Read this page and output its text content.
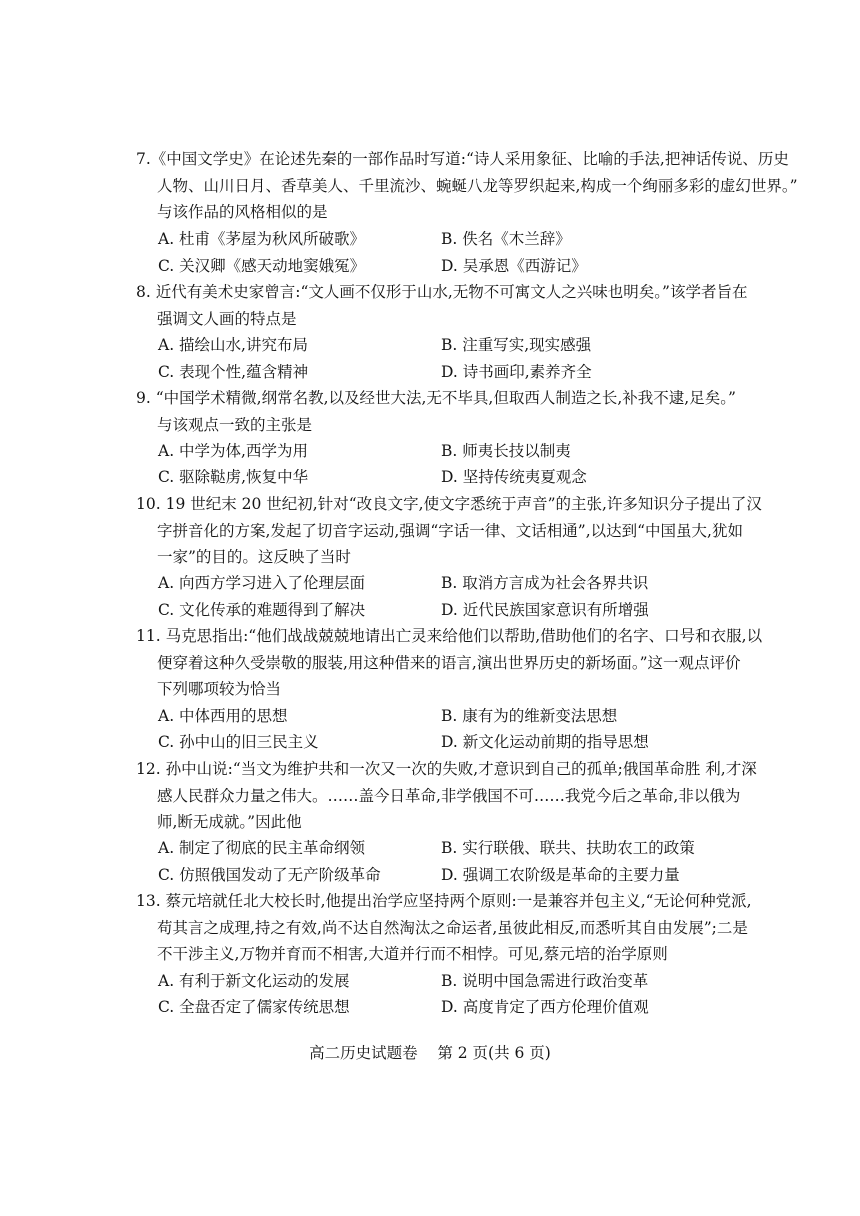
7.《中国文学史》在论述先秦的一部作品时写道:“诗人采用象征、比喻的手法,把神话传说、历史
人物、山川日月、香草美人、千里流沙、蜿蜒八龙等罗织起来,构成一个绚丽多彩的虚幻世界。”
与该作品的风格相似的是
A. 杜甫《茅屋为秋风所破歌》	B. 佚名《木兰辞》
C. 关汉卿《感天动地窦娥冤》	D. 吴承恩《西游记》
8. 近代有美术史家曾言:“文人画不仅形于山水,无物不可寓文人之兴味也明矣。”该学者旨在
强调文人画的特点是
A. 描绘山水,讲究布局	B. 注重写实,现实感强
C. 表现个性,蕴含精神	D. 诗书画印,素养齐全
9. “中国学术精微,纲常名教,以及经世大法,无不毕具,但取西人制造之长,补我不逮,足矣。”
与该观点一致的主张是
A. 中学为体,西学为用	B. 师夷长技以制夷
C. 驱除鞑虏,恢复中华	D. 坚持传统夷夏观念
10. 19 世纪末 20 世纪初,针对“改良文字,使文字悉统于声音”的主张,许多知识分子提出了汉
字拼音化的方案,发起了切音字运动,强调“字话一律、文话相通”,以达到“中国虽大,犹如
一家”的目的。这反映了当时
A. 向西方学习进入了伦理层面	B. 取消方言成为社会各界共识
C. 文化传承的难题得到了解决	D. 近代民族国家意识有所增强
11. 马克思指出:“他们战战兢兢地请出亡灵来给他们以帮助,借助他们的名字、口号和衣服,以
便穿着这种久受崇敬的服装,用这种借来的语言,演出世界历史的新场面。”这一观点评价
下列哪项较为恰当
A. 中体西用的思想	B. 康有为的维新变法思想
C. 孙中山的旧三民主义	D. 新文化运动前期的指导思想
12. 孙中山说:“当文为维护共和一次又一次的失败,才意识到自己的孤单;俄国革命胜 利,才深
感人民群众力量之伟大。……盖今日革命,非学俄国不可……我党今后之革命,非以俄为
师,断无成就。”因此他
A. 制定了彻底的民主革命纲领	B. 实行联俄、联共、扶助农工的政策
C. 仿照俄国发动了无产阶级革命	D. 强调工农阶级是革命的主要力量
13. 蔡元培就任北大校长时,他提出治学应坚持两个原则:一是兼容并包主义,“无论何种党派,
苟其言之成理,持之有效,尚不达自然淘汰之命运者,虽彼此相反,而悉听其自由发展”;二是
不干涉主义,万物并育而不相害,大道并行而不相悖。可见,蔡元培的治学原则
A. 有利于新文化运动的发展	B. 说明中国急需进行政治变革
C. 全盘否定了儒家传统思想	D. 高度肯定了西方伦理价值观
高二历史试题卷    第 2 页(共 6 页)
